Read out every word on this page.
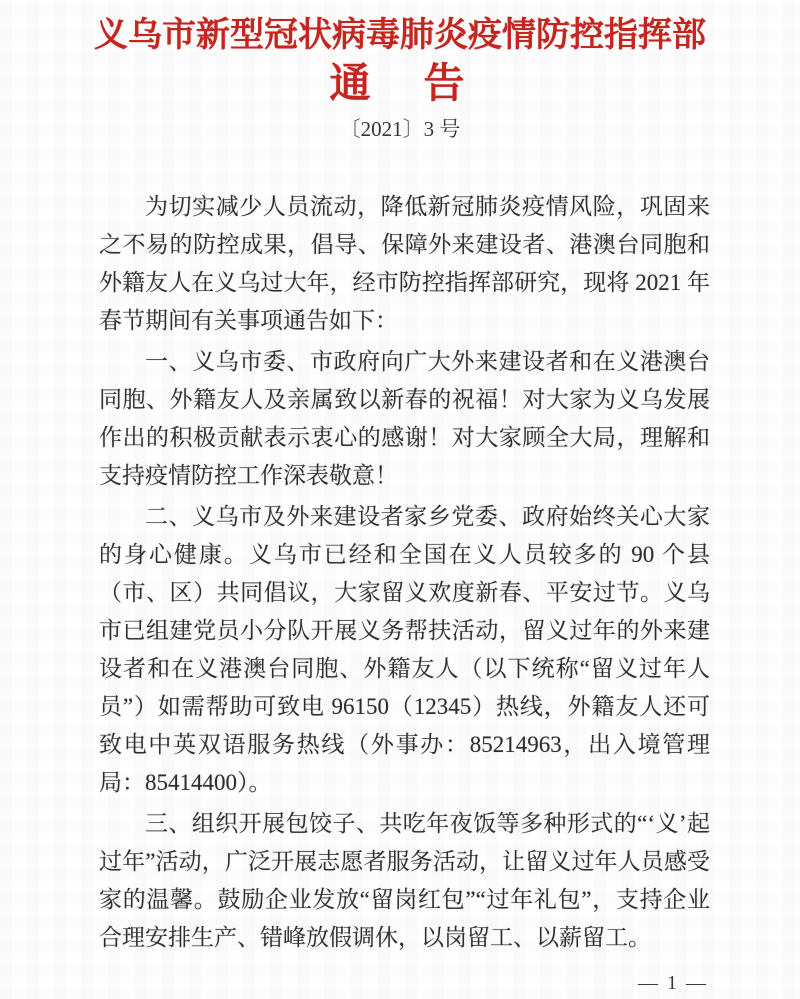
义乌市新型冠状病毒肺炎疫情防控指挥部
通　告
〔2021〕3 号

为切实减少人员流动，降低新冠肺炎疫情风险，巩固来之不易的防控成果，倡导、保障外来建设者、港澳台同胞和外籍友人在义乌过大年，经市防控指挥部研究，现将 2021 年春节期间有关事项通告如下：

一、义乌市委、市政府向广大外来建设者和在义港澳台同胞、外籍友人及亲属致以新春的祝福！对大家为义乌发展作出的积极贡献表示衷心的感谢！对大家顾全大局，理解和支持疫情防控工作深表敬意！

二、义乌市及外来建设者家乡党委、政府始终关心大家的身心健康。义乌市已经和全国在义人员较多的 90 个县（市、区）共同倡议，大家留义欢度新春、平安过节。义乌市已组建党员小分队开展义务帮扶活动，留义过年的外来建设者和在义港澳台同胞、外籍友人（以下统称“留义过年人员”）如需帮助可致电 96150（12345）热线，外籍友人还可致电中英双语服务热线（外事办：85214963，出入境管理局：85414400）。

三、组织开展包饺子、共吃年夜饭等多种形式的“‘义’起过年”活动，广泛开展志愿者服务活动，让留义过年人员感受家的温馨。鼓励企业发放“留岗红包”“过年礼包”，支持企业合理安排生产、错峰放假调休，以岗留工、以薪留工。

— 1 —
